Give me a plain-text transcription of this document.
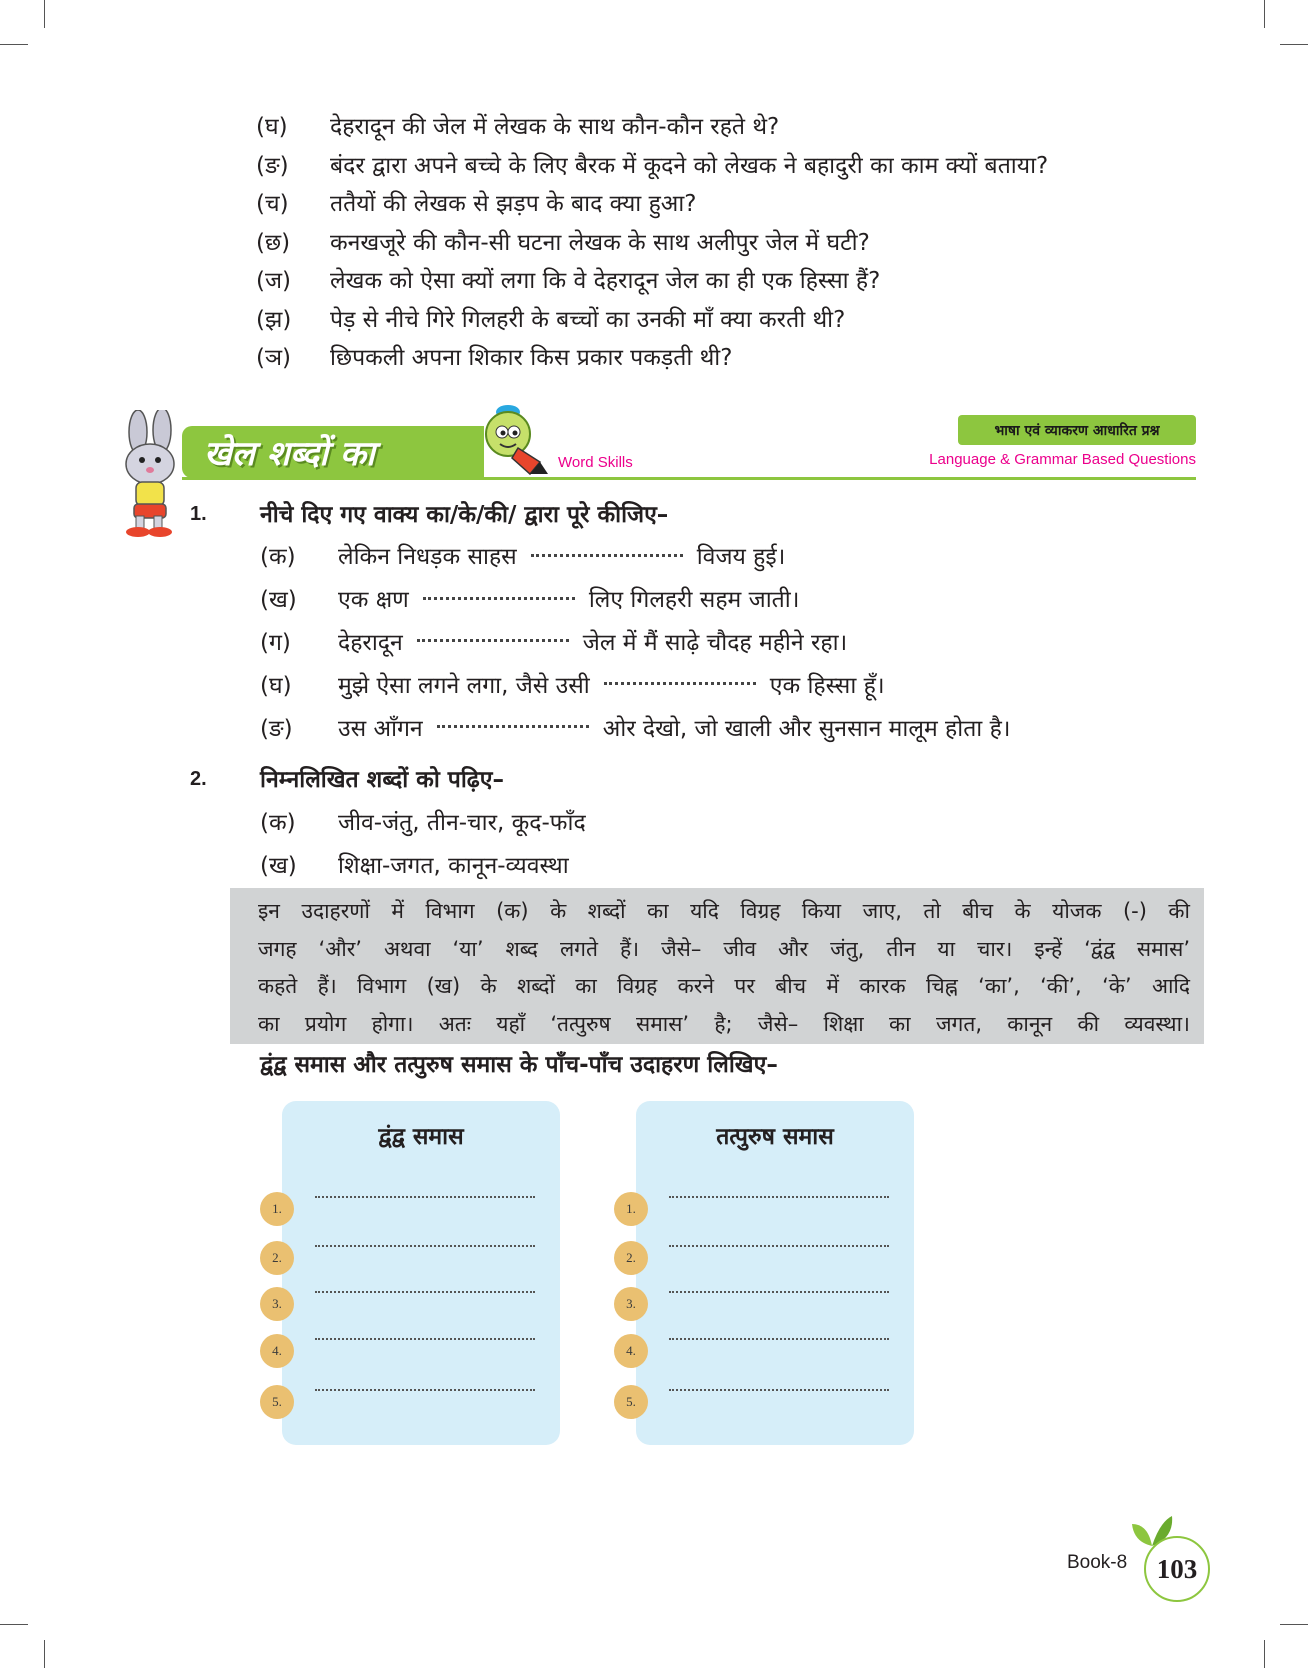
(घ)	देहरादून की जेल में लेखक के साथ कौन-कौन रहते थे?
(ङ)	बंदर द्वारा अपने बच्चे के लिए बैरक में कूदने को लेखक ने बहादुरी का काम क्यों बताया?
(च)	ततैयों की लेखक से झड़प के बाद क्या हुआ?
(छ)	कनखजूरे की कौन-सी घटना लेखक के साथ अलीपुर जेल में घटी?
(ज)	लेखक को ऐसा क्यों लगा कि वे देहरादून जेल का ही एक हिस्सा हैं?
(झ)	पेड़ से नीचे गिरे गिलहरी के बच्चों का उनकी माँ क्या करती थी?
(ञ)	छिपकली अपना शिकार किस प्रकार पकड़ती थी?
खेल शब्दों का	Word Skills
भाषा एवं व्याकरण आधारित प्रश्न
Language & Grammar Based Questions
1. नीचे दिए गए वाक्य का/के/की/ द्वारा पूरे कीजिए–
(क)	लेकिन निधड़क साहस	विजय हुई।
(ख)	एक क्षण	लिए गिलहरी सहम जाती।
(ग)	देहरादून	जेल में मैं साढ़े चौदह महीने रहा।
(घ)	मुझे ऐसा लगने लगा, जैसे उसी	एक हिस्सा हूँ।
(ङ)	उस आँगन	ओर देखो, जो खाली और सुनसान मालूम होता है।
2. निम्नलिखित शब्दों को पढ़िए–
(क)	जीव-जंतु, तीन-चार, कूद-फाँद
(ख)	शिक्षा-जगत, कानून-व्यवस्था
इन उदाहरणों में विभाग (क) के शब्दों का यदि विग्रह किया जाए, तो बीच के योजक (-) की
जगह ‘और’ अथवा ‘या’ शब्द लगते हैं। जैसे– जीव और जंतु, तीन या चार। इन्हें ‘द्वंद्व समास’
कहते हैं। विभाग (ख) के शब्दों का विग्रह करने पर बीच में कारक चिह्न ‘का’, ‘की’, ‘के’ आदि
का प्रयोग होगा। अतः यहाँ ‘तत्पुरुष समास’ है; जैसे– शिक्षा का जगत, कानून की व्यवस्था।
द्वंद्व समास और तत्पुरुष समास के पाँच-पाँच उदाहरण लिखिए–
द्वंद्व समास
1.
2.
3.
4.
5.
तत्पुरुष समास
1.
2.
3.
4.
5.
Book-8	103
